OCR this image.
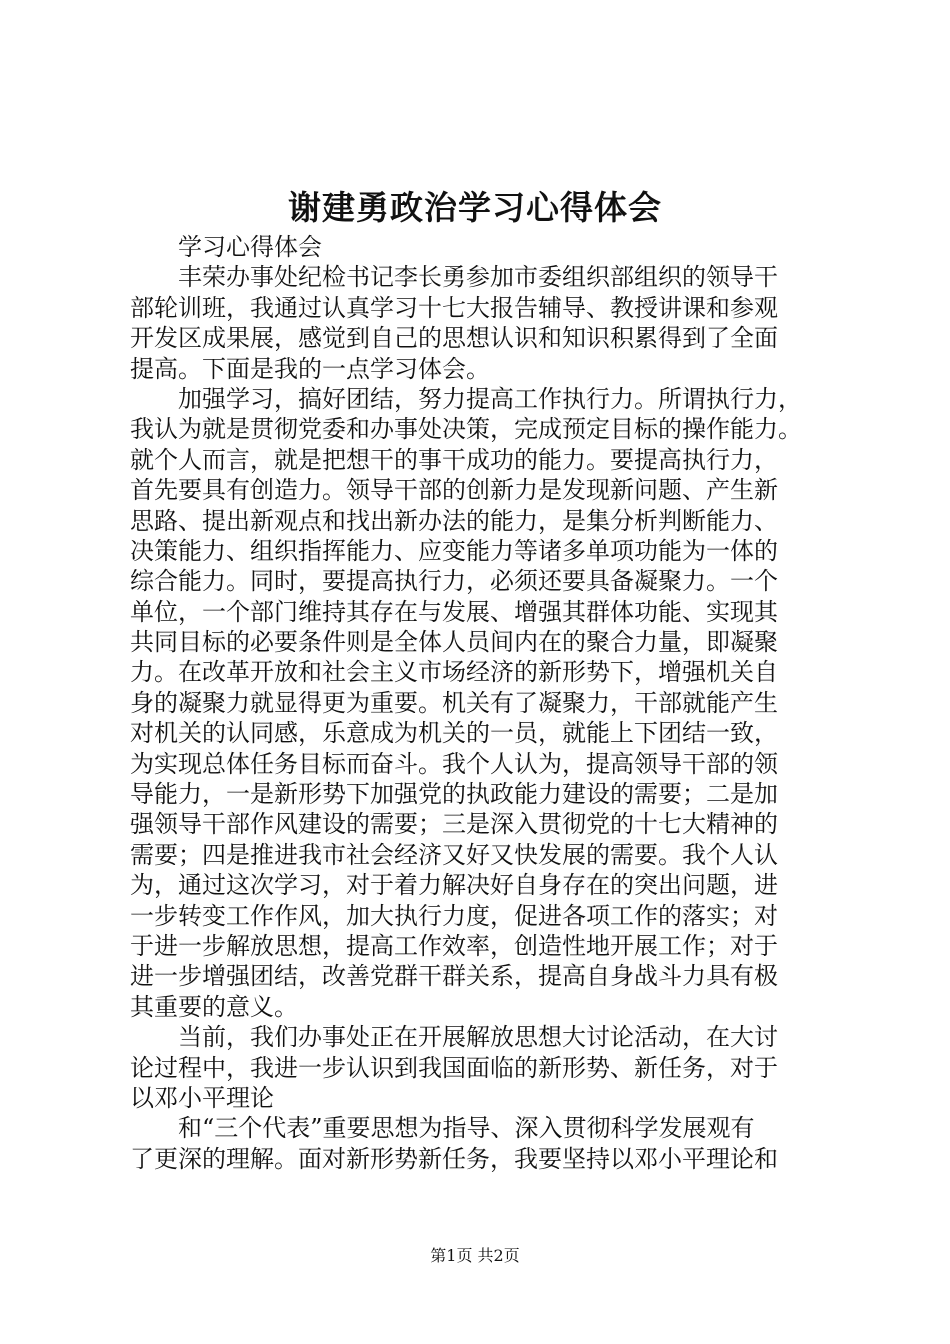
谢建勇政治学习心得体会
学习心得体会
丰荣办事处纪检书记李长勇参加市委组织部组织的领导干
部轮训班，我通过认真学习十七大报告辅导、教授讲课和参观
开发区成果展，感觉到自己的思想认识和知识积累得到了全面
提高。下面是我的一点学习体会。
加强学习，搞好团结，努力提高工作执行力。所谓执行力，
我认为就是贯彻党委和办事处决策，完成预定目标的操作能力。
就个人而言，就是把想干的事干成功的能力。要提高执行力，
首先要具有创造力。领导干部的创新力是发现新问题、产生新
思路、提出新观点和找出新办法的能力，是集分析判断能力、
决策能力、组织指挥能力、应变能力等诸多单项功能为一体的
综合能力。同时，要提高执行力，必须还要具备凝聚力。一个
单位，一个部门维持其存在与发展、增强其群体功能、实现其
共同目标的必要条件则是全体人员间内在的聚合力量，即凝聚
力。在改革开放和社会主义市场经济的新形势下，增强机关自
身的凝聚力就显得更为重要。机关有了凝聚力，干部就能产生
对机关的认同感，乐意成为机关的一员，就能上下团结一致，
为实现总体任务目标而奋斗。我个人认为，提高领导干部的领
导能力，一是新形势下加强党的执政能力建设的需要；二是加
强领导干部作风建设的需要；三是深入贯彻党的十七大精神的
需要；四是推进我市社会经济又好又快发展的需要。我个人认
为，通过这次学习，对于着力解决好自身存在的突出问题，进
一步转变工作作风，加大执行力度，促进各项工作的落实；对
于进一步解放思想，提高工作效率，创造性地开展工作；对于
进一步增强团结，改善党群干群关系，提高自身战斗力具有极
其重要的意义。
当前，我们办事处正在开展解放思想大讨论活动，在大讨
论过程中，我进一步认识到我国面临的新形势、新任务，对于
以邓小平理论
和“三个代表”重要思想为指导、深入贯彻科学发展观有
了更深的理解。面对新形势新任务，我要坚持以邓小平理论和
第1页 共2页
